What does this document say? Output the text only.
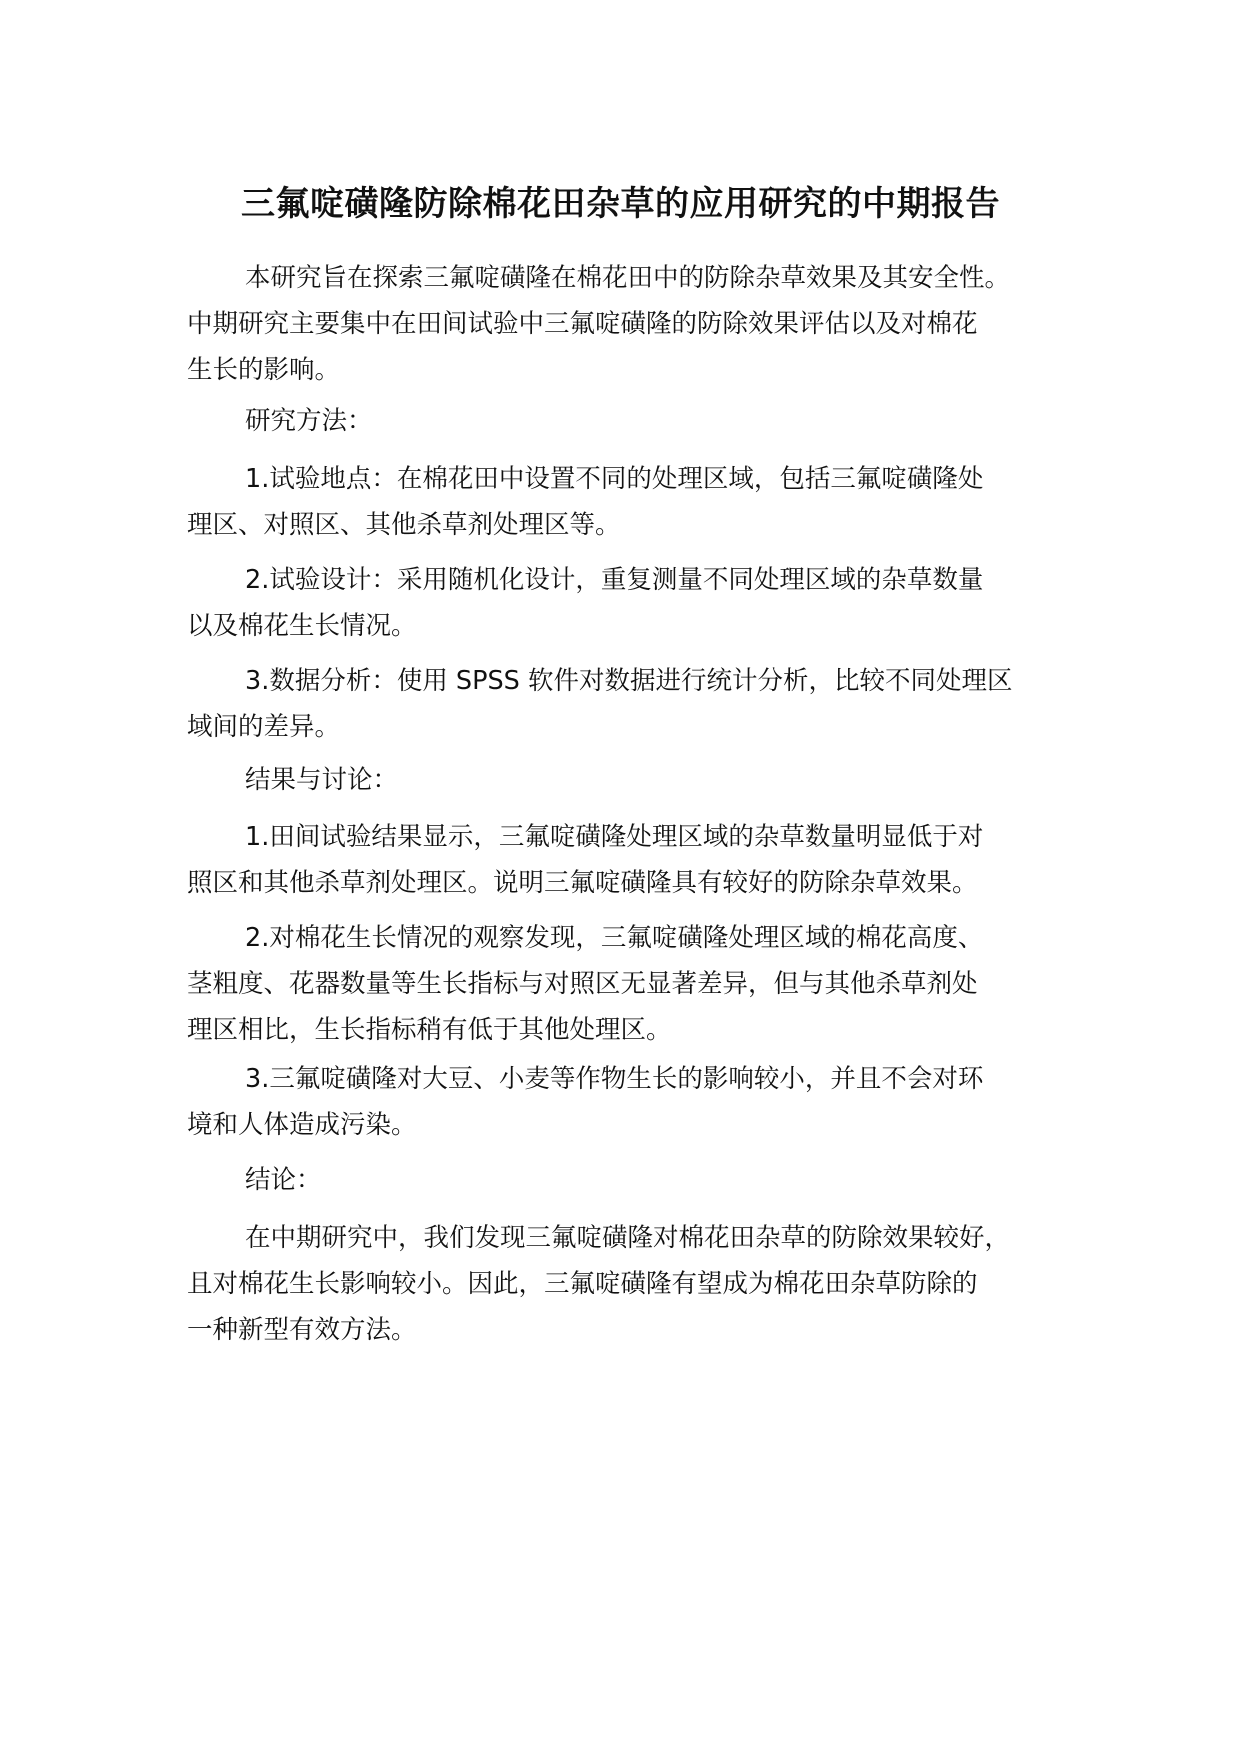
三氟啶磺隆防除棉花田杂草的应用研究的中期报告
本研究旨在探索三氟啶磺隆在棉花田中的防除杂草效果及其安全性。
中期研究主要集中在田间试验中三氟啶磺隆的防除效果评估以及对棉花
生长的影响。
研究方法：
1.试验地点：在棉花田中设置不同的处理区域，包括三氟啶磺隆处
理区、对照区、其他杀草剂处理区等。
2.试验设计：采用随机化设计，重复测量不同处理区域的杂草数量
以及棉花生长情况。
3.数据分析：使用 SPSS 软件对数据进行统计分析，比较不同处理区
域间的差异。
结果与讨论：
1.田间试验结果显示，三氟啶磺隆处理区域的杂草数量明显低于对
照区和其他杀草剂处理区。说明三氟啶磺隆具有较好的防除杂草效果。
2.对棉花生长情况的观察发现，三氟啶磺隆处理区域的棉花高度、
茎粗度、花器数量等生长指标与对照区无显著差异，但与其他杀草剂处
理区相比，生长指标稍有低于其他处理区。
3.三氟啶磺隆对大豆、小麦等作物生长的影响较小，并且不会对环
境和人体造成污染。
结论：
在中期研究中，我们发现三氟啶磺隆对棉花田杂草的防除效果较好，
且对棉花生长影响较小。因此，三氟啶磺隆有望成为棉花田杂草防除的
一种新型有效方法。
